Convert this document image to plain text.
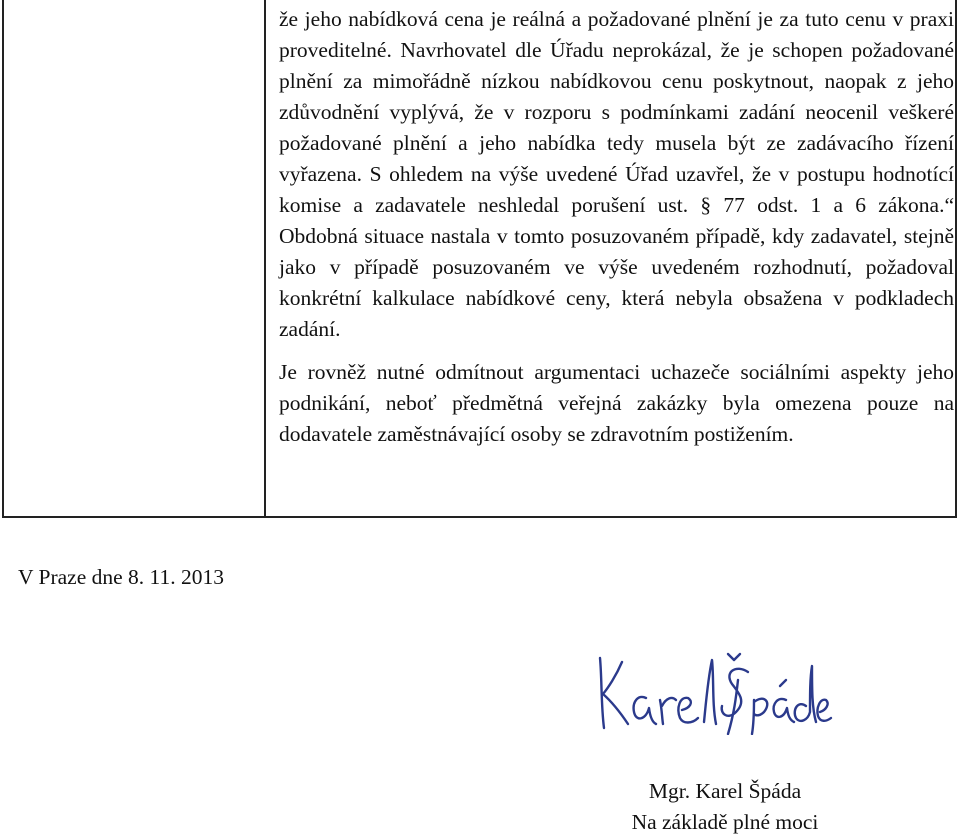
že jeho nabídková cena je reálná a požadované plnění je za tuto cenu v praxi proveditelné. Navrhovatel dle Úřadu neprokázal, že je schopen požadované plnění za mimořádně nízkou nabídkovou cenu poskytnout, naopak z jeho zdůvodnění vyplývá, že v rozporu s podmínkami zadání neocenil veškeré požadované plnění a jeho nabídka tedy musela být ze zadávacího řízení vyřazena. S ohledem na výše uvedené Úřad uzavřel, že v postupu hodnotící komise a zadavatele neshledal porušení ust. § 77 odst. 1 a 6 zákona.“ Obdobná situace nastala v tomto posuzovaném případě, kdy zadavatel, stejně jako v případě posuzovaném ve výše uvedeném rozhodnutí, požadoval konkrétní kalkulace nabídkové ceny, která nebyla obsažena v podkladech zadání.

Je rovněž nutné odmítnout argumentaci uchazeče sociálními aspekty jeho podnikání, neboť předmětná veřejná zakázky byla omezena pouze na dodavatele zaměstnávající osoby se zdravotním postižením.

V Praze dne 8. 11. 2013
Mgr. Karel Špáda
Na základě plné moci
